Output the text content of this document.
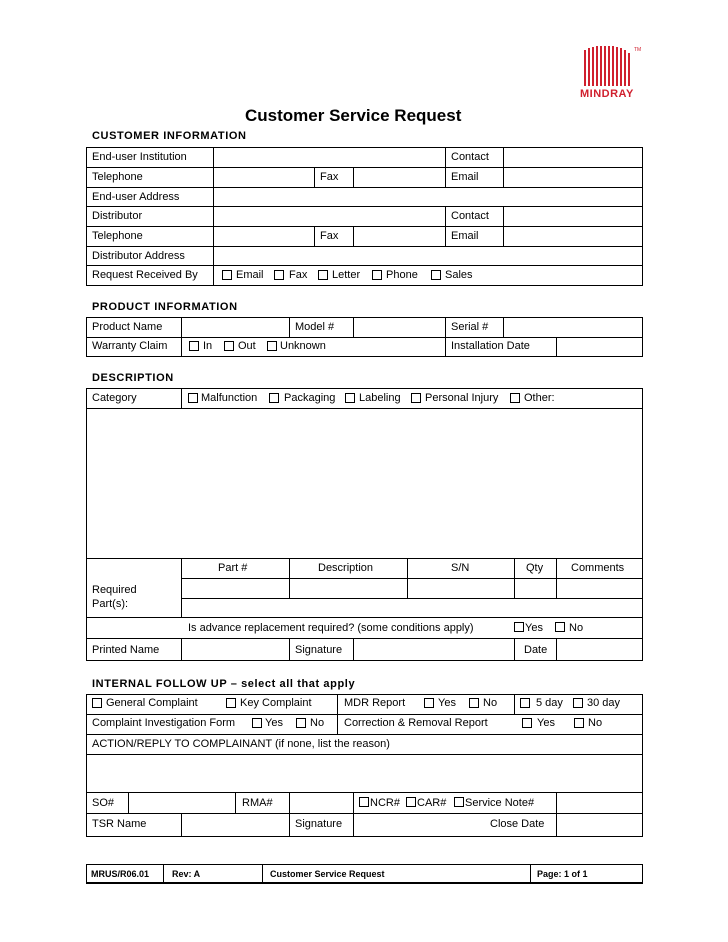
MINDRAY
TM
Customer Service Request
CUSTOMER INFORMATION
End-user Institution	Contact
Telephone	Fax	Email
End-user Address
Distributor	Contact
Telephone	Fax	Email
Distributor Address
Request Received By	Email Fax Letter Phone Sales
PRODUCT INFORMATION
Product Name	Model #	Serial #
Warranty Claim	In Out Unknown	Installation Date
DESCRIPTION
Category	Malfunction Packaging Labeling Personal Injury Other:
Part #	Description	S/N	Qty	Comments
Required
Part(s):
Is advance replacement required? (some conditions apply)	Yes No
Printed Name	Signature	Date
INTERNAL FOLLOW UP – select all that apply
General Complaint	Key Complaint	MDR Report	Yes No	5 day 30 day
Complaint Investigation Form	Yes No Correction & Removal Report	Yes	No
ACTION/REPLY TO COMPLAINANT (if none, list the reason)
SO#	RMA#	NCR# CAR# Service Note#
TSR Name	Signature	Close Date
MRUS/R06.01	Rev: A	Customer Service Request	Page: 1 of 1
